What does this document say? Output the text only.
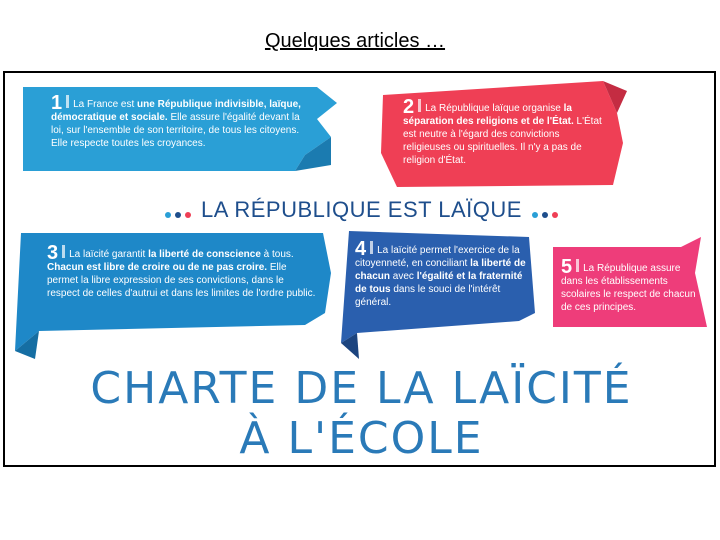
Quelques articles …
1 La France est une République indivisible, laïque, démocratique et sociale. Elle assure l'égalité devant la loi, sur l'ensemble de son territoire, de tous les citoyens. Elle respecte toutes les croyances.
2 La République laïque organise la séparation des religions et de l'État. L'État est neutre à l'égard des convictions religieuses ou spirituelles. Il n'y a pas de religion d'État.
LA RÉPUBLIQUE EST LAÏQUE
3 La laïcité garantit la liberté de conscience à tous. Chacun est libre de croire ou de ne pas croire. Elle permet la libre expression de ses convictions, dans le respect de celles d'autrui et dans les limites de l'ordre public.
4 La laïcité permet l'exercice de la citoyenneté, en conciliant la liberté de chacun avec l'égalité et la fraternité de tous dans le souci de l'intérêt général.
5 La République assure dans les établissements scolaires le respect de chacun de ces principes.
CHARTE DE LA LAÏCITÉ
À L'ÉCOLE
